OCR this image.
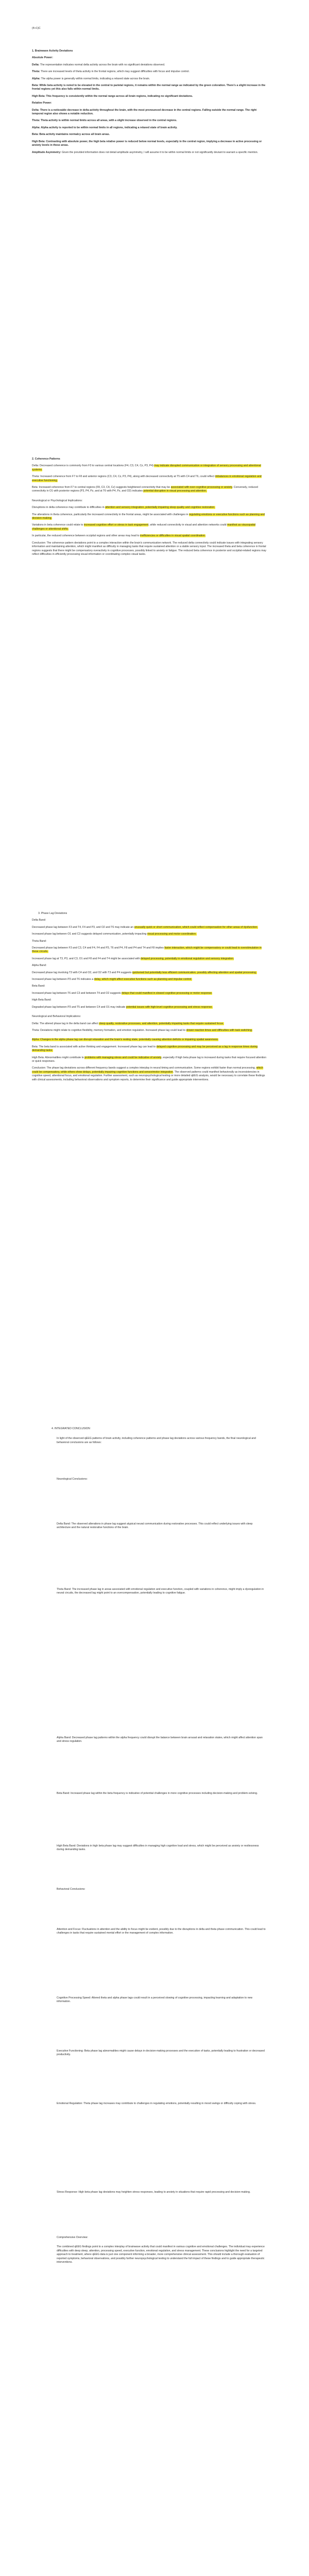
(4+1)C

1. Brainwave Activity Deviations

Absolute Power:

Delta: The representation indicates normal delta activity across the brain with no significant deviations observed.

Theta: There are increased levels of theta activity in the frontal regions, which may suggest difficulties with focus and impulse control.

Alpha: The alpha power is generally within normal limits, indicating a relaxed state across the brain.

Beta: While beta activity is noted to be elevated in the central to parietal regions, it remains within the normal range as indicated by the green coloration. There's a slight increase in the frontal regions yet this also falls within normal limits.

High Beta: This frequency is consistently within the normal range across all brain regions, indicating no significant deviations.

Relative Power:

Delta: There is a noticeable decrease in delta activity throughout the brain, with the most pronounced decrease in the central regions. Falling outside the normal range. The right temporal region also shows a notable reduction.

Theta: Theta activity is within normal limits across all areas, with a slight increase observed in the central regions.

Alpha: Alpha activity is reported to be within normal limits in all regions, indicating a relaxed state of brain activity.

Beta: Beta activity maintains normalcy across all brain areas.

High Beta: Contrasting with absolute power, the high beta relative power is reduced below normal levels, especially in the central region, implying a decrease in active processing or anxiety levels in these areas.

Amplitude Asymmetry: Given the provided information does not detail amplitude asymmetry, I will assume it to be within normal limits or not significantly deviant to warrant a specific mention.

2. Coherence Patterns

Delta: Decreased coherence is commonly from F3 to various central locations (F4, C3, C4, Cz, P3, P4) may indicate disrupted communication or integration of sensory processing and attentional systems.

Theta: Increased coherence from F7 to F8 and anterior regions (C3, C4, Cz, P3, P4), along with decreased connectivity at T5 with C4 and T6, could reflect imbalances in emotional regulation and executive functioning.

Beta: Increased coherence from F7 to central regions (F8, C3, C4, Cz) suggests heightened connectivity that may be associated with over-cognitive processing or anxiety. Conversely, reduced connectivity in O1 with posterior regions (P3, P4, Pz, and at T6 with P4, Pz, and O2) indicates potential disruption in visual processing and attention.

Neurological or Psychological Implications:

Disruptions in delta coherence may contribute to difficulties in attention and sensory integration, potentially impairing sleep quality and cognitive restoration.

The alterations in theta coherence, particularly the increased connectivity in the frontal areas, might be associated with challenges in regulating emotions or executive functions such as planning and decision-making.

Variations in beta coherence could relate to increased cognitive effort or stress in task engagement, while reduced connectivity in visual and attention networks could manifest as visuospatial challenges or attentional shifts.

In particular, the reduced coherence between occipital regions and other areas may lead to inefficiencies or difficulties in visual spatial coordination.

Conclusion: The coherence pattern deviations point to a complex interaction within the brain's communication network. The reduced delta connectivity could indicate issues with integrating sensory information and maintaining attention, which might manifest as difficulty in managing tasks that require sustained attention or a stable sensory input. The increased theta and beta coherence in frontal regions suggests that there might be compensatory overactivity in cognitive processes, possibly linked to anxiety or fatigue. The reduced beta coherence in posterior and occipital-related regions may reflect difficulties in efficiently processing visual information or coordinating complex visual tasks.

3. Phase Lag Deviations

Delta Band:

Decreased phase lag between F3 and T4, F4 and P3, and O2 and T6 may indicate an unusually quick or short communication, which could reflect compensation for other areas of dysfunction.

Increased phase lag between O1 and C3 suggests delayed communication, potentially impacting visual processing and motor coordination.

Theta Band:

Decreased phase lag between F3 and C3, C4 and F4, F4 and P3, T6 and P4, F8 and P4 and T4 and F8 implies faster interaction, which might be compensatory or could lead to overstimulation in these circuits.

Increased phase lag at T3, P3, and C3, O1 and F8 and F4 and T4 might be associated with delayed processing, potentially in emotional regulation and sensory integration.

Alpha Band:

Decreased phase lag involving T3 with C4 and O2, and O2 with T3 and P4 suggests quickened but potentially less efficient communication, possibly affecting attention and spatial processing.

Increased phase lag between P3 and T6 indicates a delay, which might affect executive functions such as planning and impulse control.

Beta Band:

Increased phase lag between T6 and C3 and between T4 and O2 suggests delays that could manifest in slowed cognitive processing or motor response.

High Beta Band:

Degraded phase lag between P3 and T5 and between C4 and O1 may indicate potential issues with high-level cognitive processing and stress response.

Neurological and Behavioral Implications:

Delta: The altered phase lag in the delta band can affect sleep quality, restorative processes, and attention, potentially impairing tasks that require sustained focus.

Theta: Deviations might relate to cognitive flexibility, memory formation, and emotion regulation. Increased phase lag could lead to slower reaction times and difficulties with task switching.

Alpha: Changes in the alpha phase lag can disrupt relaxation and the brain's resting state, potentially causing attention deficits or impairing spatial awareness.

Beta: The beta band is associated with active thinking and engagement. Increased phase lag can lead to delayed cognitive processing and may be perceived as a lag in response times during demanding tasks.

High Beta: Abnormalities might contribute to problems with managing stress and could be indicative of anxiety, especially if high beta phase lag is increased during tasks that require focused attention or quick responses.

Conclusion: The phase lag deviations across different frequency bands suggest a complex interplay in neural timing and communication. Some regions exhibit faster than normal processing, which could be compensatory, while others show delays, potentially impairing cognitive functions and sensorimotor integration. The observed patterns could manifest behaviorally as inconsistencies in cognitive speed, attentional focus, and emotional regulation. Further assessment, such as neuropsychological testing or more detailed qEEG analysis, would be necessary to correlate these findings with clinical assessments, including behavioral observations and symptom reports, to determine their significance and guide appropriate interventions.

4. INTEGRATED CONCLUSION

In light of the observed qEEG patterns of brain activity, including coherence patterns and phase lag deviations across various frequency bands, the final neurological and behavioral conclusions are as follows:

Neurological Conclusions:

Delta Band: The observed alterations in phase lag suggest atypical neural communication during restorative processes. This could reflect underlying issues with sleep architecture and the natural restorative functions of the brain.

Theta Band: The increased phase lag in areas associated with emotional regulation and executive function, coupled with variations in coherence, might imply a dysregulation in neural circuits, the decreased lag might point to an overcompensation, potentially leading to cognitive fatigue.

Alpha Band: Decreased phase lag patterns within the alpha frequency could disrupt the balance between brain arousal and relaxation states, which might affect attention span and stress regulation.

Beta Band: Increased phase lag within the beta frequency is indicative of potential challenges in more cognitive processes including decision-making and problem-solving.

High Beta Band: Deviations in high beta phase lag may suggest difficulties in managing high cognitive load and stress, which might be perceived as anxiety or restlessness during demanding tasks.

Behavioral Conclusions:

Attention and Focus: Fluctuations in attention and the ability to focus might be evident, possibly due to the disruptions in delta and theta phase communication. This could lead to challenges in tasks that require sustained mental effort or the management of complex information.

Cognitive Processing Speed: Altered theta and alpha phase lags could result in a perceived slowing of cognitive processing, impacting learning and adaptation to new information.

Executive Functioning: Beta phase lag abnormalities might cause delays in decision-making processes and the execution of tasks, potentially leading to frustration or decreased productivity.

Emotional Regulation: Theta phase lag increases may contribute to challenges in regulating emotions, potentially resulting in mood swings or difficulty coping with stress.

Stress Response: High beta phase lag deviations may heighten stress responses, leading to anxiety in situations that require rapid processing and decision-making.

Comprehensive Overview:

The combined qEEG findings point to a complex interplay of brainwave activity that could manifest in various cognitive and emotional challenges. The individual may experience difficulties with deep sleep, attention, processing speed, executive function, emotional regulation, and stress management. These conclusions highlight the need for a targeted approach to treatment, where qEEG data is just one component informing a broader, more comprehensive clinical assessment. This should include a thorough evaluation of reported symptoms, behavioral observations, and possibly further neuropsychological testing to understand the full impact of these findings and to guide appropriate therapeutic interventions.
